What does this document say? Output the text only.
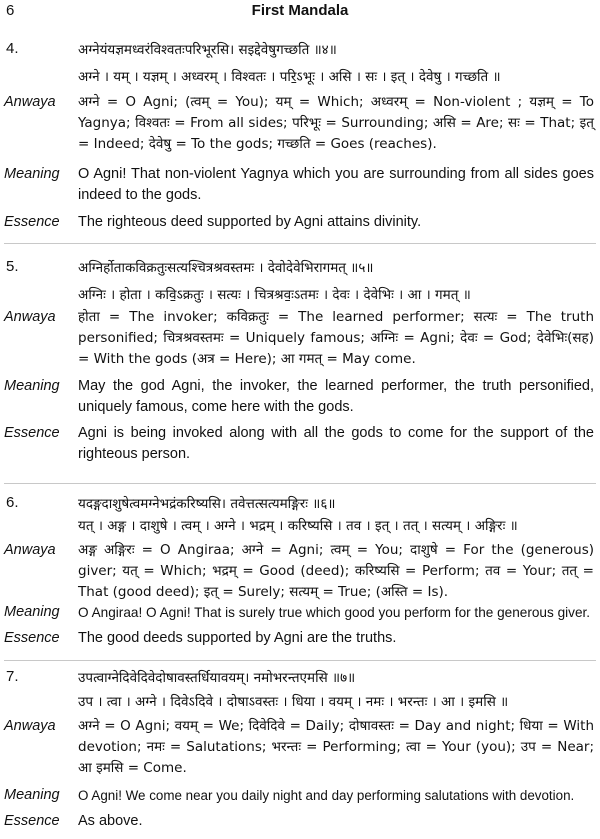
6	First Mandala
4.	अग्नेयंयज्ञमध्वरंविश्वतःपरिभूरसि। सइद्देवेषुगच्छति ॥४॥
अग्ने । यम् । यज्ञम् । अध्वरम् । विश्वतः । परि॒ऽभूः । असि । सः । इत् । देवेषु । गच्छति ॥
Anwaya अग्ने = O Agni; (त्वम् = You); यम् = Which; अध्वरम् = Non-violent ; यज्ञम् = To Yagnya; विश्वतः = From all sides; परिभूः = Surrounding; असि = Are; सः = That; इत् = Indeed; देवेषु = To the gods; गच्छति = Goes (reaches).
Meaning O Agni! That non-violent Yagnya which you are surrounding from all sides goes indeed to the gods.
Essence The righteous deed supported by Agni attains divinity.
5.	अग्निर्होताकविक्रतुःसत्यश्चित्रश्रवस्तमः । देवोदेवेभिरागमत् ॥५॥
अग्निः । होता । कवि॒ऽक्रतुः । सत्यः । चित्रश्रवः॒ऽतमः । देवः । देवेभिः । आ । गमत् ॥
Anwaya होता = The invoker; कविक्रतुः = The learned performer; सत्यः = The truth personified; चित्रश्रवस्तमः = Uniquely famous; अग्निः = Agni; देवः = God; देवेभिः(सह) = With the gods (अत्र = Here); आ गमत् = May come.
Meaning May the god Agni, the invoker, the learned performer, the truth personified, uniquely famous, come here with the gods.
Essence Agni is being invoked along with all the gods to come for the support of the righteous person.
6.	यदङ्गदाशुषेत्वमग्नेभद्रंकरिष्यसि। तवेत्तत्सत्यमङ्गिरः ॥६॥
यत् । अङ्ग । दाशुषे । त्वम् । अग्ने । भद्रम् । करिष्यसि । तव । इत् । तत् । सत्यम् । अङ्गिरः ॥
Anwaya अङ्ग अङ्गिरः = O Angiraa; अग्ने = Agni; त्वम् = You; दाशुषे = For the (generous) giver; यत् = Which; भद्रम् = Good (deed); करिष्यसि = Perform; तव = Your; तत् = That (good deed); इत् = Surely; सत्यम् = True; (अस्ति = Is).
Meaning O Angiraa! O Agni! That is surely true which good you perform for the generous giver.
Essence The good deeds supported by Agni are the truths.
7.	उपत्वाग्नेदिवेदिवेदोषावस्तर्धियावयम्। नमोभरन्तएमसि ॥७॥
उप । त्वा । अग्ने । दिवेऽदिवे । दोषाऽवस्तः । धिया । वयम् । नमः । भरन्तः । आ । इमसि ॥
Anwaya अग्ने = O Agni; वयम् = We; दिवेदिवे = Daily; दोषावस्तः = Day and night; धिया = With devotion; नमः = Salutations; भरन्तः = Performing; त्वा = Your (you); उप = Near; आ इमसि = Come.
Meaning O Agni! We come near you daily night and day performing salutations with devotion.
Essence As above.
